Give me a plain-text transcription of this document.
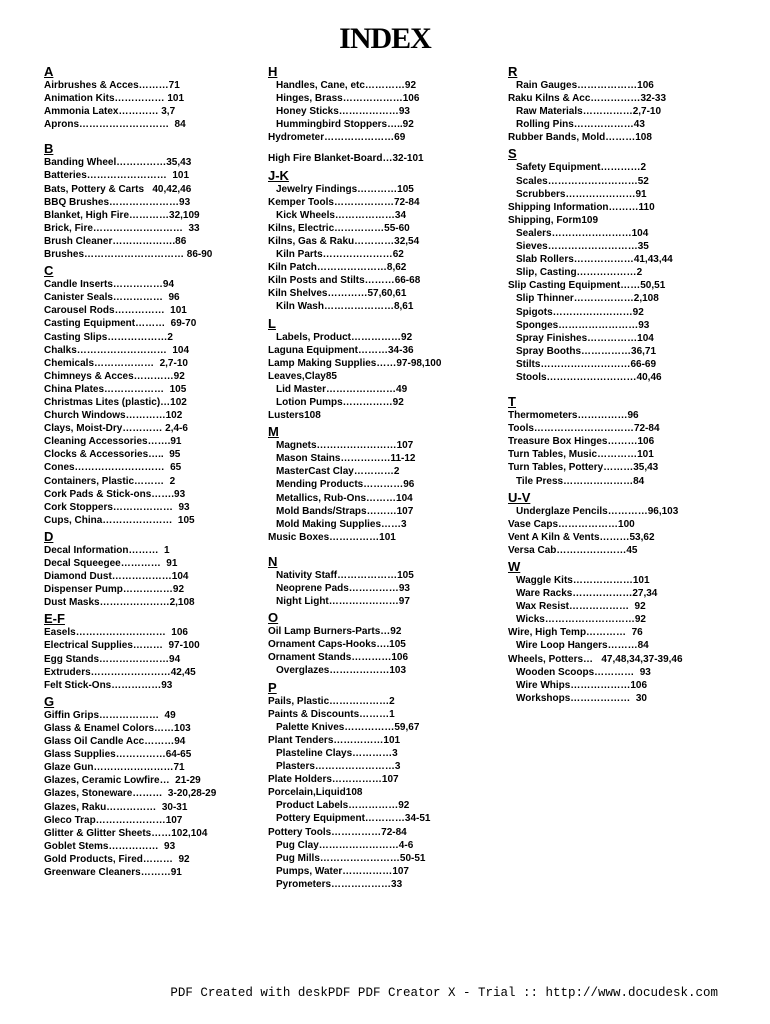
INDEX
A
Airbrushes & Acces……… 71
Animation Kits…………… 101
Ammonia Latex………… 3,7
Aprons……………………… 84
B
Banding Wheel…………… 35,43
Batteries…………………… 101
Bats, Pottery & Carts 40,42,46
BBQ Brushes………………… 93
Blanket, High Fire………… 32,109
Brick, Fire……………………… 33
Brush Cleaner………………. 86
Brushes………………………… 86-90
C
Candle Inserts…………… 94
Canister Seals…………… 96
Carousel Rods…………… 101
Casting Equipment……… 69-70
Casting Slips……………… 2
Chalks……………………… 104
Chemicals……………… 2,7-10
Chimneys & Acces………… 92
China Plates……………… 105
Christmas Lites (plastic)… 102
Church Windows………… 102
Clays, Moist-Dry………… 2,4-6
Cleaning Accessories……. 91
Clocks & Accessories….. 95
Cones……………………… 65
Containers, Plastic……… 2
Cork Pads & Stick-ons……. 93
Cork Stoppers……………… 93
Cups, China………………… 105
D
Decal Information……… 1
Decal Squeegee………… 91
Diamond Dust……………… 104
Dispenser Pump…………… 92
Dust Masks………………… 2,108
E-F
Easels……………………… 106
Electrical Supplies……… 97-100
Egg Stands………………… 94
Extruders…………………… 42,45
Felt Stick-Ons…………… 93
G
Giffin Grips……………… 49
Glass & Enamel Colors…… 103
Glass Oil Candle Acc……… 94
Glass Supplies…………… 64-65
Glaze Gun…………………… 71
Glazes, Ceramic Lowfire… 21-29
Glazes, Stoneware……… 3-20,28-29
Glazes, Raku…………… 30-31
Gleco Trap………………… 107
Glitter & Glitter Sheets…… 102,104
Goblet Stems…………… 93
Gold Products, Fired……… 92
Greenware Cleaners……… 91
H
Handles, Cane, etc………… 92
Hinges, Brass……………… 106
Honey Sticks……………… 93
Hummingbird Stoppers….. 92
Hydrometer………………… 69
High Fire Blanket-Board… 32-101
J-K
Jewelry Findings………… 105
Kemper Tools……………… 72-84
Kick Wheels……………… 34
Kilns, Electric…………… 55-60
Kilns, Gas & Raku………… 32,54
Kiln Parts………………… 62
Kiln Patch………………… 8,62
Kiln Posts and Stilts……… 66-68
Kiln Shelves………… 57,60,61
Kiln Wash………………… 8,61
L
Labels, Product…………… 92
Laguna Equipment……… 34-36
Lamp Making Supplies…… 97-98,100
Leaves,Clay 85
Lid Master………………… 49
Lotion Pumps…………… 92
Lusters 108
M
Magnets…………………… 107
Mason Stains…………… 11-12
MasterCast Clay………… 2
Mending Products………… 96
Metallics, Rub-Ons……… 104
Mold Bands/Straps……… 107
Mold Making Supplies…… 3
Music Boxes…………… 101
N
Nativity Staff……………… 105
Neoprene Pads…………… 93
Night Light………………… 97
O
Oil Lamp Burners-Parts… 92
Ornament Caps-Hooks…. 105
Ornament Stands………… 106
Overglazes……………… 103
P
Pails, Plastic……………… 2
Paints & Discounts……… 1
Palette Knives…………… 59,67
Plant Tenders…………… 101
Plasteline Clays………… 3
Plasters…………………… 3
Plate Holders…………… 107
Porcelain,Liquid 108
Product Labels…………… 92
Pottery Equipment………… 34-51
Pottery Tools…………… 72-84
Pug Clay…………………… 4-6
Pug Mills…………………… 50-51
Pumps, Water…………… 107
Pyrometers……………… 33
R
Rain Gauges……………… 106
Raku Kilns & Acc…………… 32-33
Raw Materials…………… 2,7-10
Rolling Pins……………… 43
Rubber Bands, Mold……… 108
S
Safety Equipment………… 2
Scales……………………… 52
Scrubbers………………… 91
Shipping Information……… 110
Shipping, Form 109
Sealers…………………… 104
Sieves……………………… 35
Slab Rollers……………… 41,43,44
Slip, Casting……………… 2
Slip Casting Equipment…… 50,51
Slip Thinner……………… 2,108
Spigots…………………… 92
Sponges…………………… 93
Spray Finishes…………… 104
Spray Booths…………… 36,71
Stilts……………………… 66-69
Stools……………………… 40,46
T
Thermometers…………… 96
Tools………………………… 72-84
Treasure Box Hinges……… 106
Turn Tables, Music………… 101
Turn Tables, Pottery……… 35,43
Tile Press………………… 84
U-V
Underglaze Pencils………… 96,103
Vase Caps……………… 100
Vent A Kiln & Vents……… 53,62
Versa Cab………………… 45
W
Waggle Kits……………… 101
Ware Racks……………… 27,34
Wax Resist……………… 92
Wicks……………………… 92
Wire, High Temp………… 76
Wire Loop Hangers……… 84
Wheels, Potters… 47,48,34,37-39,46
Wooden Scoops………… 93
Wire Whips……………… 106
Workshops……………… 30
PDF Created with deskPDF PDF Creator X - Trial :: http://www.docudesk.com
